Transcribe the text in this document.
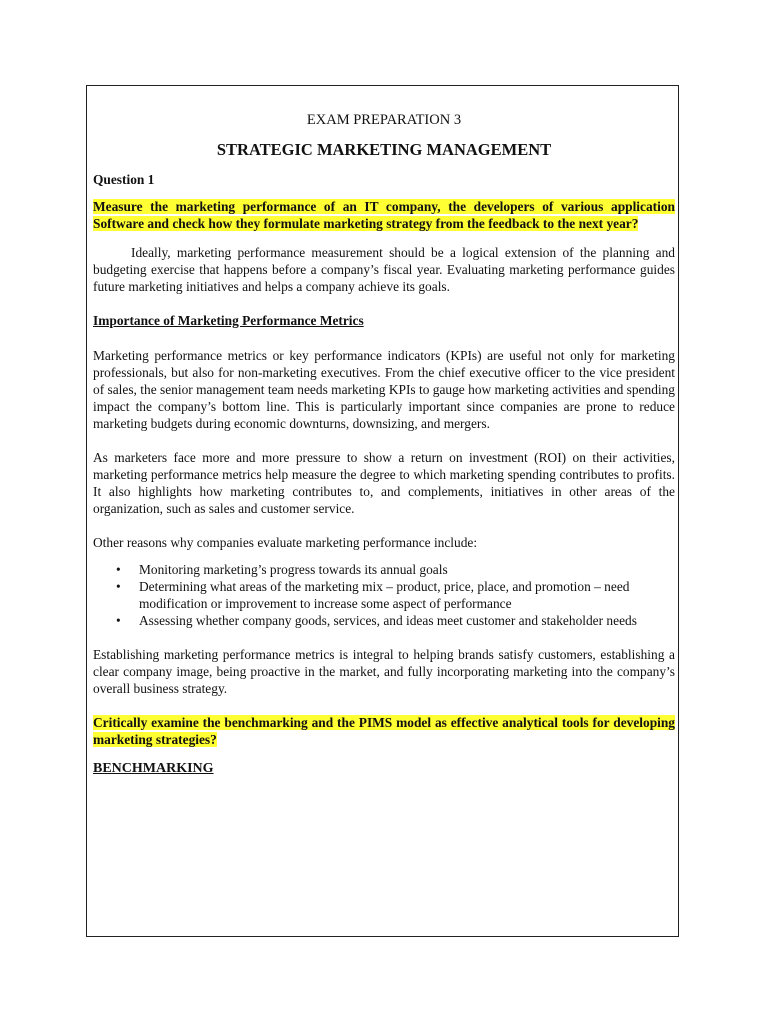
EXAM PREPARATION 3
STRATEGIC MARKETING MANAGEMENT
Question 1
Measure the marketing performance of an IT company, the developers of various application Software and check how they formulate marketing strategy from the feedback to the next year?
Ideally, marketing performance measurement should be a logical extension of the planning and budgeting exercise that happens before a company’s fiscal year. Evaluating marketing performance guides future marketing initiatives and helps a company achieve its goals.
Importance of Marketing Performance Metrics
Marketing performance metrics or key performance indicators (KPIs) are useful not only for marketing professionals, but also for non-marketing executives. From the chief executive officer to the vice president of sales, the senior management team needs marketing KPIs to gauge how marketing activities and spending impact the company’s bottom line. This is particularly important since companies are prone to reduce marketing budgets during economic downturns, downsizing, and mergers.
As marketers face more and more pressure to show a return on investment (ROI) on their activities, marketing performance metrics help measure the degree to which marketing spending contributes to profits. It also highlights how marketing contributes to, and complements, initiatives in other areas of the organization, such as sales and customer service.
Other reasons why companies evaluate marketing performance include:
• Monitoring marketing’s progress towards its annual goals
• Determining what areas of the marketing mix – product, price, place, and promotion – need modification or improvement to increase some aspect of performance
• Assessing whether company goods, services, and ideas meet customer and stakeholder needs
Establishing marketing performance metrics is integral to helping brands satisfy customers, establishing a clear company image, being proactive in the market, and fully incorporating marketing into the company’s overall business strategy.
Critically examine the benchmarking and the PIMS model as effective analytical tools for developing marketing strategies?
BENCHMARKING
